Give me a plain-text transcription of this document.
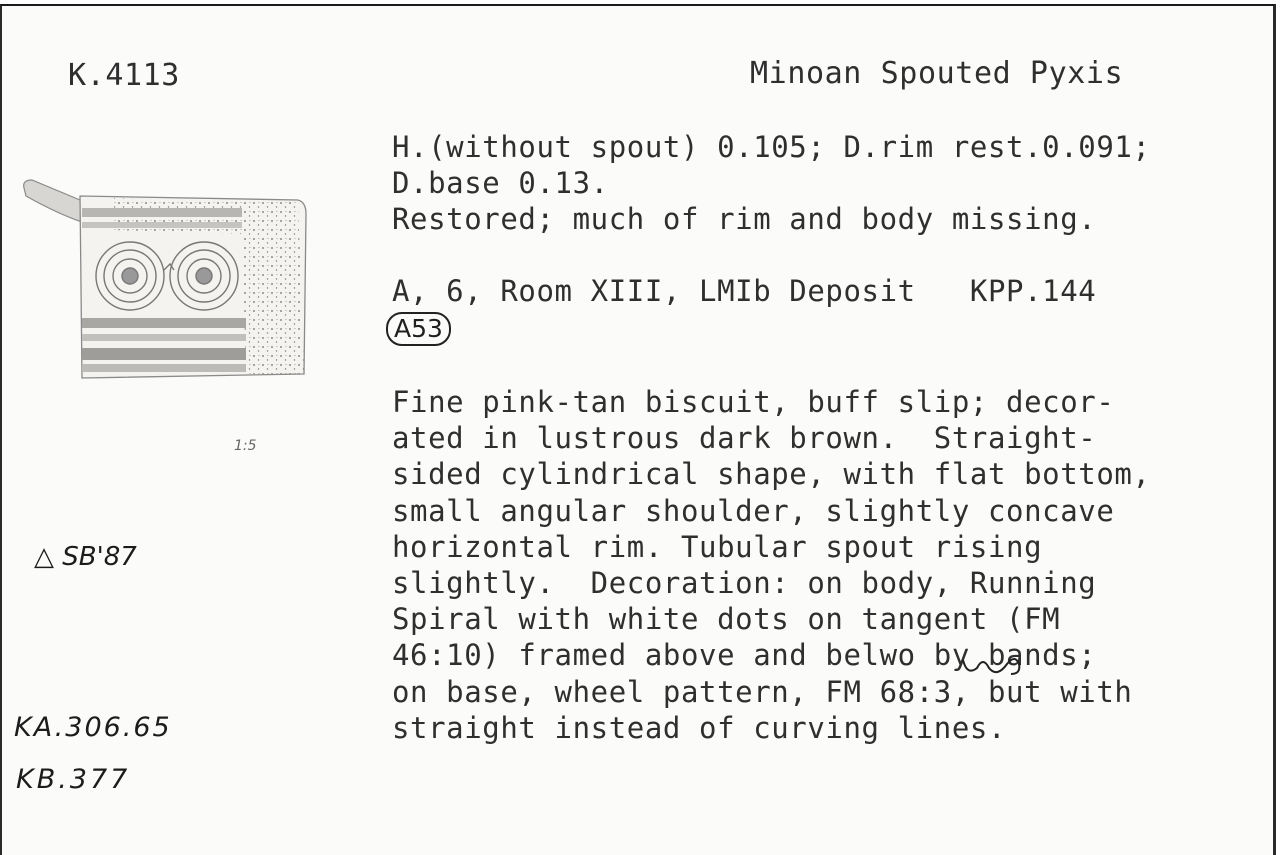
K.4113	Minoan Spouted Pyxis
H.(without spout) 0.105; D.rim rest.0.091;
D.base 0.13.
Restored; much of rim and body missing.
A, 6, Room XIII, LMIb Deposit   KPP.144
A53
Fine pink-tan biscuit, buff slip; decor-
ated in lustrous dark brown.  Straight-
sided cylindrical shape, with flat bottom,
small angular shoulder, slightly concave
horizontal rim. Tubular spout rising
slightly.  Decoration: on body, Running
Spiral with white dots on tangent (FM
46:10) framed above and belwo by bands;
on base, wheel pattern, FM 68:3, but with
straight instead of curving lines.
1:5
△ SB'87
KA.306.65
KB.377
